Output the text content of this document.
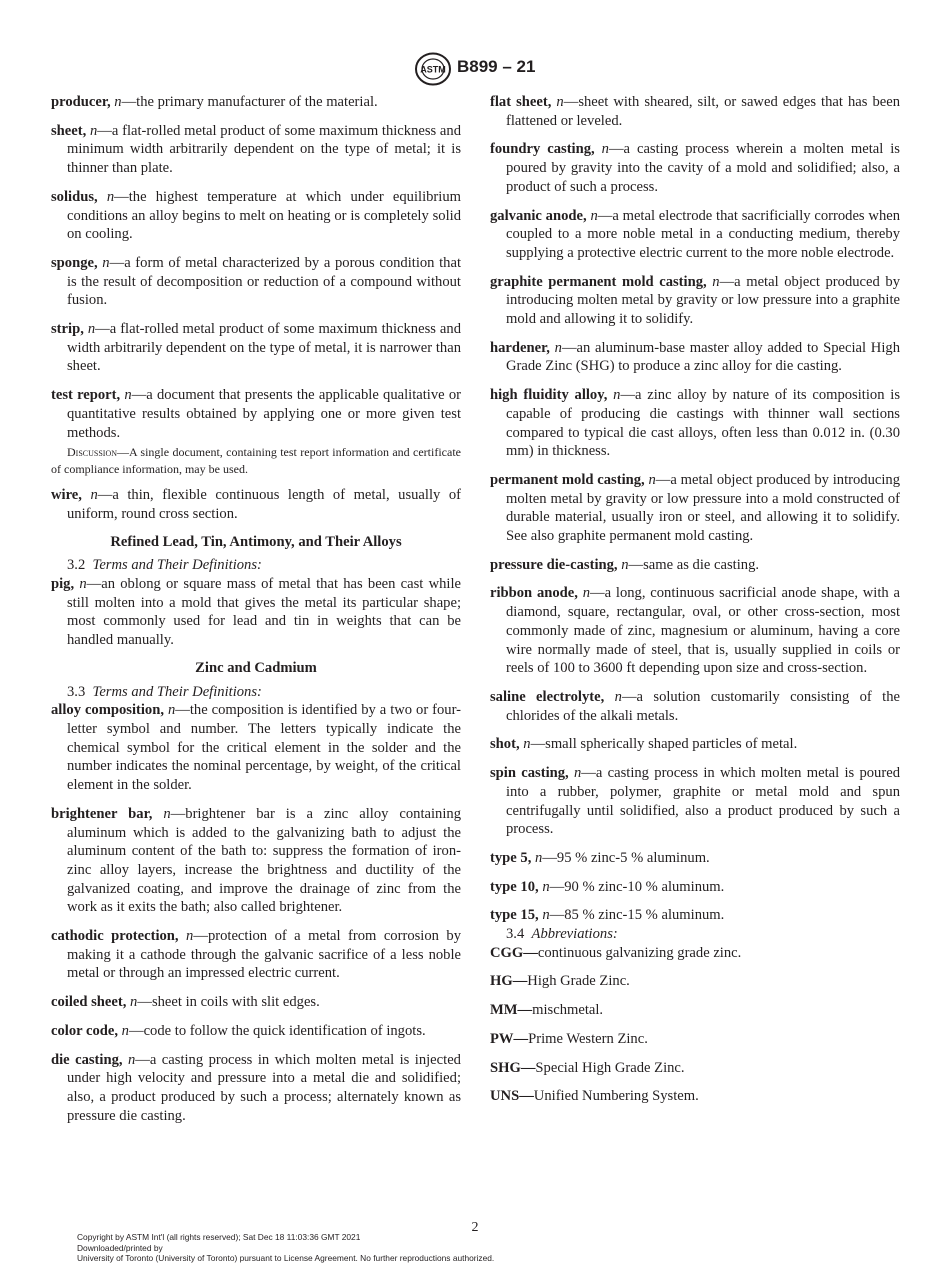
ASTM B899 – 21

producer, n—the primary manufacturer of the material.

sheet, n—a flat-rolled metal product of some maximum thickness and minimum width arbitrarily dependent on the type of metal; it is thinner than plate.

solidus, n—the highest temperature at which under equilibrium conditions an alloy begins to melt on heating or is completely solid on cooling.

sponge, n—a form of metal characterized by a porous condition that is the result of decomposition or reduction of a compound without fusion.

strip, n—a flat-rolled metal product of some maximum thickness and width arbitrarily dependent on the type of metal, it is narrower than sheet.

test report, n—a document that presents the applicable qualitative or quantitative results obtained by applying one or more given test methods.

Discussion—A single document, containing test report information and certificate of compliance information, may be used.

wire, n—a thin, flexible continuous length of metal, usually of uniform, round cross section.

Refined Lead, Tin, Antimony, and Their Alloys

3.2 Terms and Their Definitions:

pig, n—an oblong or square mass of metal that has been cast while still molten into a mold that gives the metal its particular shape; most commonly used for lead and tin in weights that can be handled manually.

Zinc and Cadmium

3.3 Terms and Their Definitions:

alloy composition, n—the composition is identified by a two or four-letter symbol and number. The letters typically indicate the chemical symbol for the critical element in the solder and the number indicates the nominal percentage, by weight, of the critical element in the solder.

brightener bar, n—brightener bar is a zinc alloy containing aluminum which is added to the galvanizing bath to adjust the aluminum content of the bath to: suppress the formation of iron-zinc alloy layers, increase the brightness and ductility of the galvanized coating, and improve the drainage of zinc from the work as it exits the bath; also called brightener.

cathodic protection, n—protection of a metal from corrosion by making it a cathode through the galvanic sacrifice of a less noble metal or through an impressed electric current.

coiled sheet, n—sheet in coils with slit edges.

color code, n—code to follow the quick identification of ingots.

die casting, n—a casting process in which molten metal is injected under high velocity and pressure into a metal die and solidified; also, a product produced by such a process; alternately known as pressure die casting.

flat sheet, n—sheet with sheared, silt, or sawed edges that has been flattened or leveled.

foundry casting, n—a casting process wherein a molten metal is poured by gravity into the cavity of a mold and solidified; also, a product of such a process.

galvanic anode, n—a metal electrode that sacrificially corrodes when coupled to a more noble metal in a conducting medium, thereby supplying a protective electric current to the more noble electrode.

graphite permanent mold casting, n—a metal object produced by introducing molten metal by gravity or low pressure into a graphite mold and allowing it to solidify.

hardener, n—an aluminum-base master alloy added to Special High Grade Zinc (SHG) to produce a zinc alloy for die casting.

high fluidity alloy, n—a zinc alloy by nature of its composition is capable of producing die castings with thinner wall sections compared to typical die cast alloys, often less than 0.012 in. (0.30 mm) in thickness.

permanent mold casting, n—a metal object produced by introducing molten metal by gravity or low pressure into a mold constructed of durable material, usually iron or steel, and allowing it to solidify. See also graphite permanent mold casting.

pressure die-casting, n—same as die casting.

ribbon anode, n—a long, continuous sacrificial anode shape, with a diamond, square, rectangular, oval, or other cross-section, most commonly made of zinc, magnesium or aluminum, having a core wire normally made of steel, that is, usually supplied in coils or reels of 100 to 3600 ft depending upon size and cross-section.

saline electrolyte, n—a solution customarily consisting of the chlorides of the alkali metals.

shot, n—small spherically shaped particles of metal.

spin casting, n—a casting process in which molten metal is poured into a rubber, polymer, graphite or metal mold and spun centrifugally until solidified, also a product produced by such a process.

type 5, n—95 % zinc-5 % aluminum.

type 10, n—90 % zinc-10 % aluminum.

type 15, n—85 % zinc-15 % aluminum.

3.4 Abbreviations:

CGG—continuous galvanizing grade zinc.

HG—High Grade Zinc.

MM—mischmetal.

PW—Prime Western Zinc.

SHG—Special High Grade Zinc.

UNS—Unified Numbering System.

2
Copyright by ASTM Int'l (all rights reserved); Sat Dec 18 11:03:36 GMT 2021
Downloaded/printed by
University of Toronto (University of Toronto) pursuant to License Agreement. No further reproductions authorized.
